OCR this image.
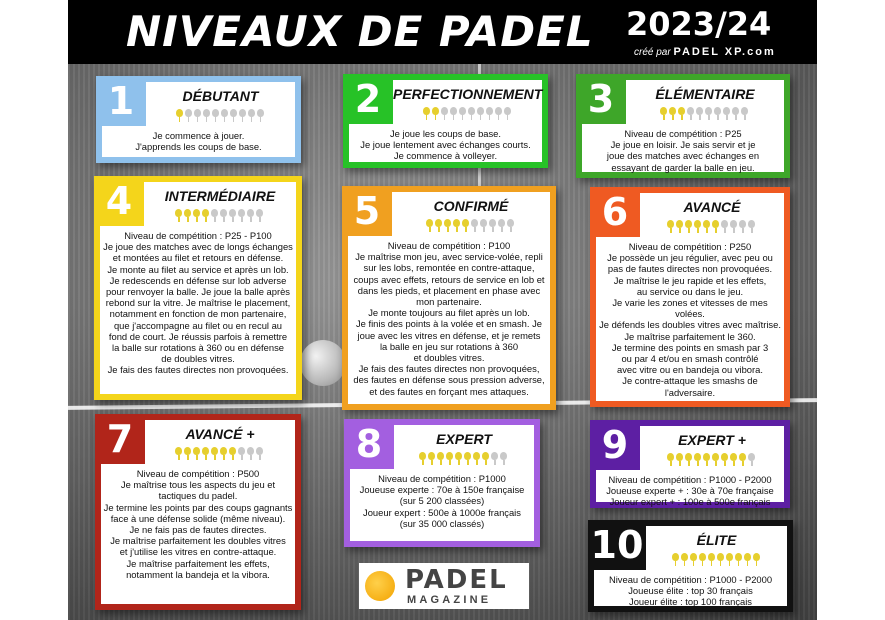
NIVEAUX DE PADEL 2023/24
créé par PADEL XP.com
1	DÉBUTANT

Je commence à jouer.

J'apprends les coups de base.

2 PERFECTIONNEMENT

Je joue les coups de base.

Je joue lentement avec échanges courts.

Je commence à volleyer.

3	ÉLÉMENTAIRE

Niveau de compétition : P25

Je joue en loisir. Je sais servir et je

joue des matches avec échanges en

essayant de garder la balle en jeu.

4	INTERMÉDIAIRE

Niveau de compétition : P25 - P100

Je joue des matches avec de longs échanges

et montées au filet et retours en défense.

Je monte au filet au service et après un lob.

Je redescends en défense sur lob adverse

pour renvoyer la balle. Je joue la balle après

rebond sur la vitre. Je maîtrise le placement,

notamment en fonction de mon partenaire,

que j'accompagne au filet ou en recul au

fond de court. Je réussis parfois à remettre

la balle sur rotations à 360 ou en défense

de doubles vitres.

Je fais des fautes directes non provoquées.

5	CONFIRMÉ

Niveau de compétition : P100

Je maîtrise mon jeu, avec service-volée, repli

sur les lobs, remontée en contre-attaque,

coups avec effets, retours de service en lob et

dans les pieds, et placement en phase avec

mon partenaire.

Je monte toujours au filet après un lob.

Je finis des points à la volée et en smash. Je

joue avec les vitres en défense, et je remets

la balle en jeu sur rotations à 360

et doubles vitres.

Je fais des fautes directes non provoquées,

des fautes en défense sous pression adverse,

et des fautes en forçant mes attaques.

6	AVANCÉ

Niveau de compétition : P250

Je possède un jeu régulier, avec peu ou

pas de fautes directes non provoquées.

Je maîtrise le jeu rapide et les effets,

au service ou dans le jeu.

Je varie les zones et vitesses de mes volées.

Je défends les doubles vitres avec maîtrise.

Je maîtrise parfaitement le 360.

Je termine des points en smash par 3

ou par 4 et/ou en smash contrôlé

avec vitre ou en bandeja ou vibora.

Je contre-attaque les smashs de l'adversaire.

7	AVANCÉ +

Niveau de compétition : P500

Je maîtrise tous les aspects du jeu et

tactiques du padel.

Je termine les points par des coups gagnants

face à une défense solide (même niveau).

Je ne fais pas de fautes directes.

Je maîtrise parfaitement les doubles vitres

et j'utilise les vitres en contre-attaque.

Je maîtrise parfaitement les effets,

notamment la bandeja et la vibora.

8	EXPERT

Niveau de compétition : P1000

Joueuse experte : 70e à 150e française

(sur 5 200 classées)

Joueur expert : 500e à 1000e français

(sur 35 000 classés)

9	EXPERT +

Niveau de compétition : P1000 - P2000

Joueuse experte + : 30e à 70e française

Joueur expert + : 100e à 500e français

10	ÉLITE

Niveau de compétition : P1000 - P2000

Joueuse élite : top 30 français

Joueur élite : top 100 français

PADEL
MAGAZINE
